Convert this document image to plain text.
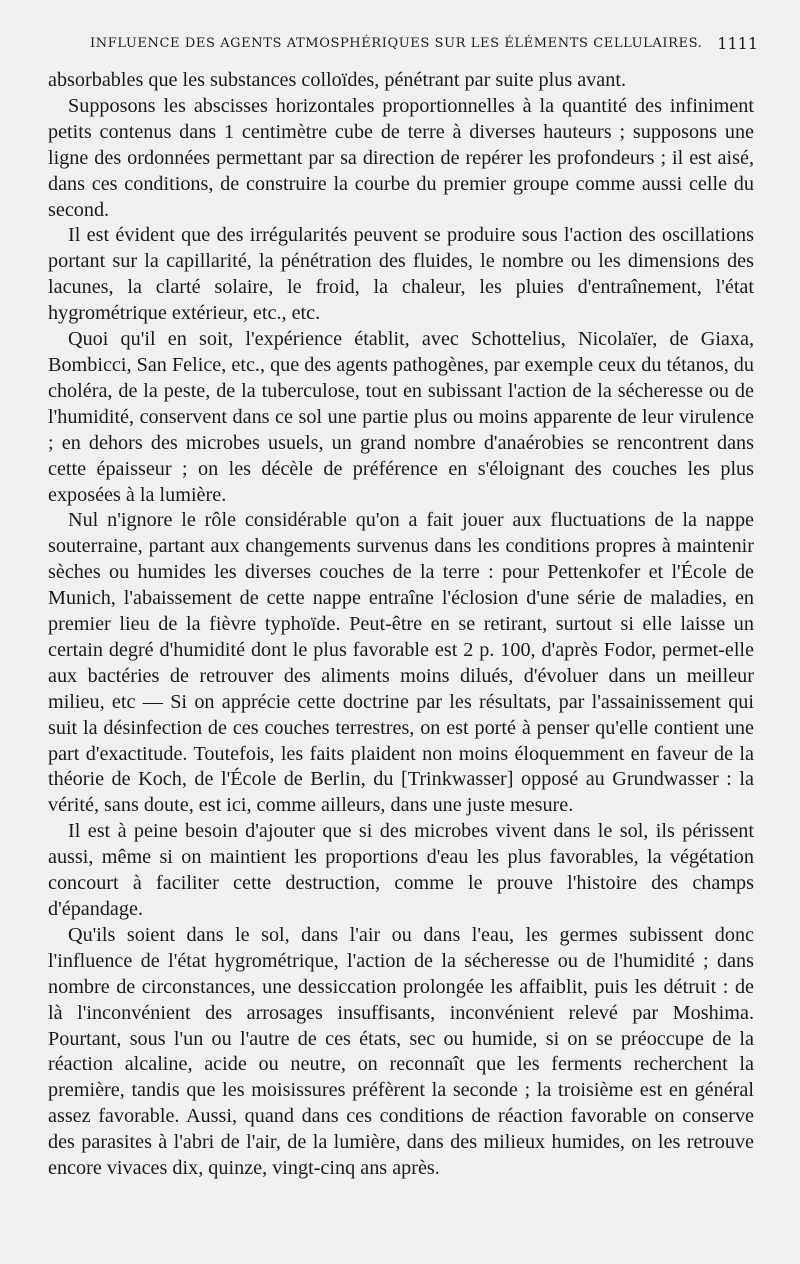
INFLUENCE DES AGENTS ATMOSPHÉRIQUES SUR LES ÉLÉMENTS CELLULAIRES. 1111

absorbables que les substances colloïdes, pénétrant par suite plus avant.

Supposons les abscisses horizontales proportionnelles à la quantité des infiniment petits contenus dans 1 centimètre cube de terre à diverses hauteurs ; supposons une ligne des ordonnées permettant par sa direction de repérer les profondeurs ; il est aisé, dans ces conditions, de construire la courbe du premier groupe comme aussi celle du second.

Il est évident que des irrégularités peuvent se produire sous l'action des oscillations portant sur la capillarité, la pénétration des fluides, le nombre ou les dimensions des lacunes, la clarté solaire, le froid, la chaleur, les pluies d'entraînement, l'état hygrométrique extérieur, etc., etc.

Quoi qu'il en soit, l'expérience établit, avec Schottelius, Nicolaïer, de Giaxa, Bombicci, San Felice, etc., que des agents pathogènes, par exemple ceux du tétanos, du choléra, de la peste, de la tuberculose, tout en subissant l'action de la sécheresse ou de l'humidité, conservent dans ce sol une partie plus ou moins apparente de leur virulence ; en dehors des microbes usuels, un grand nombre d'anaérobies se rencontrent dans cette épaisseur ; on les décèle de préférence en s'éloignant des couches les plus exposées à la lumière.

Nul n'ignore le rôle considérable qu'on a fait jouer aux fluctuations de la nappe souterraine, partant aux changements survenus dans les conditions propres à maintenir sèches ou humides les diverses couches de la terre : pour Pettenkofer et l'École de Munich, l'abaissement de cette nappe entraîne l'éclosion d'une série de maladies, en premier lieu de la fièvre typhoïde. Peut-être en se retirant, surtout si elle laisse un certain degré d'humidité dont le plus favorable est 2 p. 100, d'après Fodor, permet-elle aux bactéries de retrouver des aliments moins dilués, d'évoluer dans un meilleur milieu, etc — Si on apprécie cette doctrine par les résultats, par l'assainissement qui suit la désinfection de ces couches terrestres, on est porté à penser qu'elle contient une part d'exactitude. Toutefois, les faits plaident non moins éloquemment en faveur de la théorie de Koch, de l'École de Berlin, du [Trinkwasser] opposé au Grundwasser : la vérité, sans doute, est ici, comme ailleurs, dans une juste mesure.

Il est à peine besoin d'ajouter que si des microbes vivent dans le sol, ils périssent aussi, même si on maintient les proportions d'eau les plus favorables, la végétation concourt à faciliter cette destruction, comme le prouve l'histoire des champs d'épandage.

Qu'ils soient dans le sol, dans l'air ou dans l'eau, les germes subissent donc l'influence de l'état hygrométrique, l'action de la sécheresse ou de l'humidité ; dans nombre de circonstances, une dessiccation prolongée les affaiblit, puis les détruit : de là l'inconvénient des arrosages insuffisants, inconvénient relevé par Moshima. Pourtant, sous l'un ou l'autre de ces états, sec ou humide, si on se préoccupe de la réaction alcaline, acide ou neutre, on reconnaît que les ferments recherchent la première, tandis que les moisissures préfèrent la seconde ; la troisième est en général assez favorable. Aussi, quand dans ces conditions de réaction favorable on conserve des parasites à l'abri de l'air, de la lumière, dans des milieux humides, on les retrouve encore vivaces dix, quinze, vingt-cinq ans après.
